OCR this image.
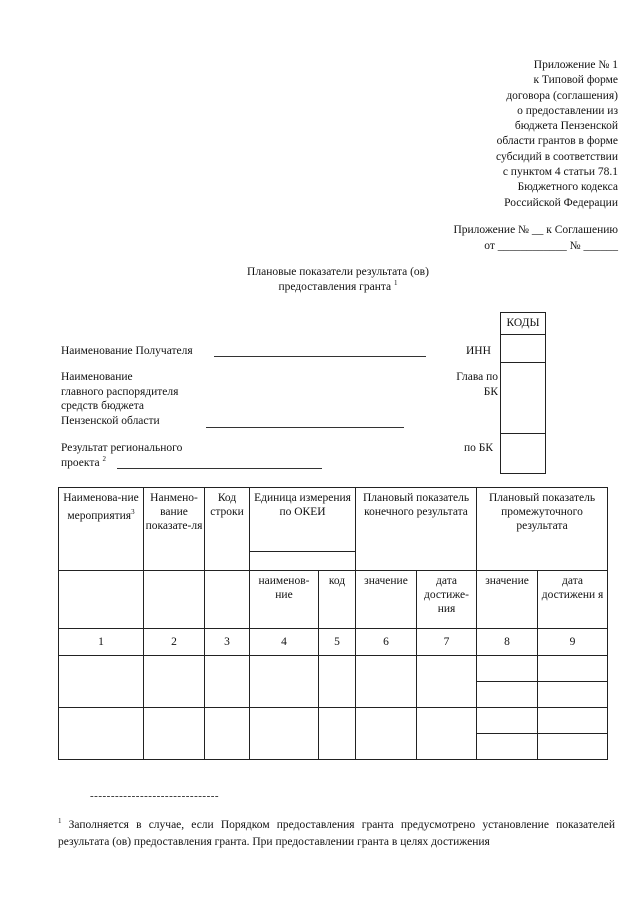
Приложение № 1
к Типовой форме
договора (соглашения)
о предоставлении из
бюджета Пензенской
области грантов в форме
субсидий в соответствии
с пунктом 4 статьи 78.1
Бюджетного кодекса
Российской Федерации
Приложение № __ к Соглашению
от ____________ № ______
Плановые показатели результата (ов)
предоставления гранта $^1$
КОДЫ
Наименование Получателя	ИНН
Наименование
главного распорядителя
средств бюджета
Пензенской области
Глава по
БК
Результат регионального
проекта $^2$
по БК
Наименова-ние мероприятия$^3$	Нанмено-вание показате-ля	Код строки	Единица измерения по ОКЕИ		Плановый показатель конечного результата		Плановый показатель промежуточного результата	

			наименов-ние	код	значение	дата достиже-ния	значение	дата достижени я
1	2	3	4	5	6	7	8	9

-------------------------------
$^1$ Заполняется в случае, если Порядком предоставления гранта предусмотрено установление показателей результата (ов) предоставления гранта. При предоставлении гранта в целях достижения
